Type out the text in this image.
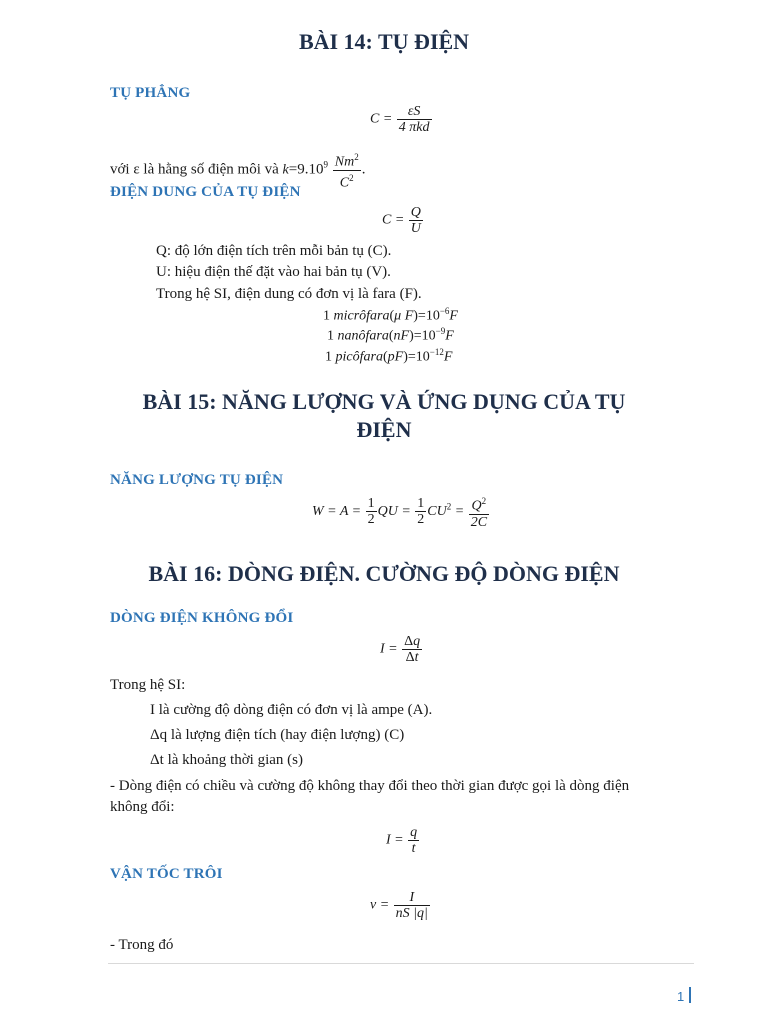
BÀI 14: TỤ ĐIỆN
TỤ PHẲNG
$C = \frac{\varepsilon S}{\text{4 πkd}}$
với ε là hằng số điện môi và $k=9.10^9 \frac{Nm^2}{C^2}$ .
ĐIỆN DUNG CỦA TỤ ĐIỆN
$C = \frac{Q}{U}$
Q: độ lớn điện tích trên mỗi bản tụ (C).
U: hiệu điện thế đặt vào hai bản tụ (V).
Trong hệ SI, điện dung có đơn vị là fara (F).
1 micrôfara(μ $F)=10^{-6}F$
1 $nanôfara(nF)=10^{-9}F$
1 $picôfara(pF)=10^{-12}F$
BÀI 15: NĂNG LƯỢNG VÀ ỨNG DỤNG CỦA TỤ
ĐIỆN
NĂNG LƯỢNG TỤ ĐIỆN
$W = A = \frac{1}{2}$ QU = $\frac{1}{2} CU^2 = \frac{Q^2}{2C}$
BÀI 16: DÒNG ĐIỆN. CƯỜNG ĐỘ DÒNG ĐIỆN
DÒNG ĐIỆN KHÔNG ĐỔI
$I = \frac{\Delta q}{\Delta t}$
Trong hệ SI:
I là cường độ dòng điện có đơn vị là ampe (A).
Δq là lượng điện tích (hay điện lượng) (C)
Δt là khoảng thời gian (s)
- Dòng điện có chiều và cường độ không thay đổi theo thời gian được gọi là dòng điện
không đổi:
$I = \frac{q}{t}$
VẬN TỐC TRÔI
$v = \frac{I}{nS |q|}$
- Trong đó
1
